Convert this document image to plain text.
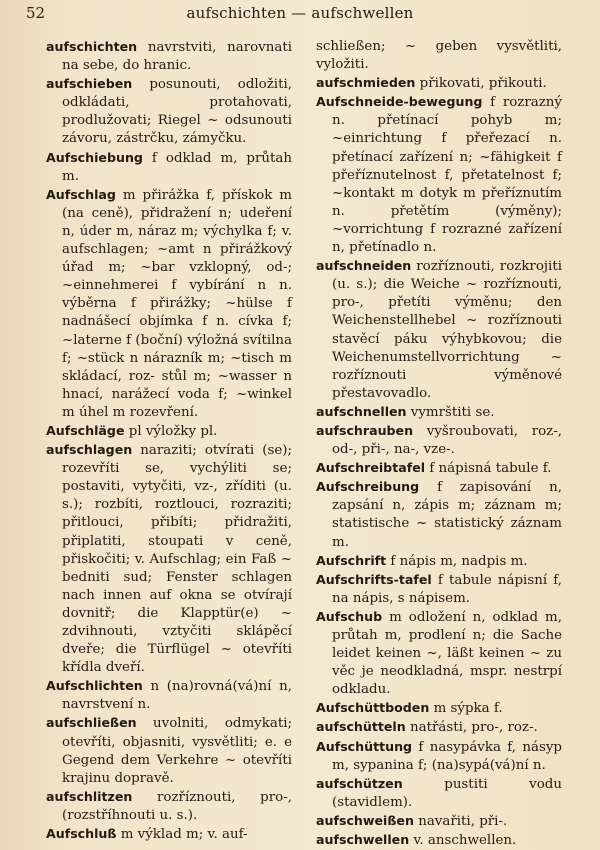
52	aufschichten — aufschwellen

aufschichten navrstviti, narovnati na sebe, do hranic.

aufschieben posunouti, odložiti, odkládati, protahovati, prodlužovati; Riegel ~ odsunouti závoru, zástrčku, zámyčku.

Aufschiebung f odklad m, průtah m.

Aufschlag m přirážka f, přískok m (na ceně), přidražení n; udeření n, úder m, náraz m; výchylka f; v. aufschlagen; ~amt n přirážkový úřad m; ~bar vzklopný, od-; ~einnehmerei f vybírání n n. výběrna f přirážky; ~hülse f nadnášecí objímka f n. cívka f; ~laterne f (boční) výložná svítilna f; ~stück n nárazník m; ~tisch m skládací, roz- stůl m; ~wasser n hnací, narážecí voda f; ~winkel m úhel m rozevření.

Aufschläge pl výložky pl.

aufschlagen naraziti; otvírati (se); rozevříti se, vychýliti se; postaviti, vytyčiti, vz-, zříditi (u. s.); rozbíti, roztlouci, rozraziti; přitlouci, přibíti; přidražiti, připlatiti, stoupati v ceně, přiskočiti; v. Aufschlag; ein Faß ~ bedniti sud; Fenster schlagen nach innen auf okna se otvírají dovnitř; die Klapptür(e) ~ zdvihnouti, vztyčiti sklápěcí dveře; die Türflügel ~ otevříti křídla dveří.

Aufschlichten n (na)rovná(vá)ní n, navrstvení n.

aufschließen uvolniti, odmykati; otevříti, objasniti, vysvětliti; e. e Gegend dem Verkehre ~ otevříti krajinu dopravě.

aufschlitzen rozříznouti, pro-, (rozstříhnouti u. s.).

Aufschluß m výklad m; v. auf-

schließen; ~ geben vysvětliti, vyložiti.

aufschmieden přikovati, přikouti.

Aufschneide-bewegung f rozrazný n. přetínací pohyb m; ~einrichtung f přeřezací n. přetínací zařízení n; ~fähigkeit f přeříznutelnost f, přetatelnost f; ~kontakt m dotyk m přeříznutím n. přetětím (výměny); ~vorrichtung f rozrazné zařízení n, přetínadlo n.

aufschneiden rozříznouti, rozkrojiti (u. s.); die Weiche ~ rozříznouti, pro-, přetíti výměnu; den Weichenstellhebel ~ rozříznouti stavěcí páku výhybkovou; die Weichenumstellvorrichtung ~ rozříznouti výměnové přestavovadlo.

aufschnellen vymrštiti se.

aufschrauben vyšroubovati, roz-, od-, při-, na-, vze-.

Aufschreibtafel f nápisná tabule f.

Aufschreibung f zapisování n, zapsání n, zápis m; záznam m; statistische ~ statistický záznam m.

Aufschrift f nápis m, nadpis m.

Aufschrifts-tafel f tabule nápisní f, na nápis, s nápisem.

Aufschub m odložení n, odklad m, průtah m, prodlení n; die Sache leidet keinen ~, läßt keinen ~ zu věc je neodkladná, mspr. nestrpí odkladu.

Aufschüttboden m sýpka f.

aufschütteln natřásti, pro-, roz-.

Aufschüttung f nasypávka f, násyp m, sypanina f; (na)sypá(vá)ní n.

aufschützen pustiti vodu (stavidlem).

aufschweißen navařiti, při-.

aufschwellen v. anschwellen.
